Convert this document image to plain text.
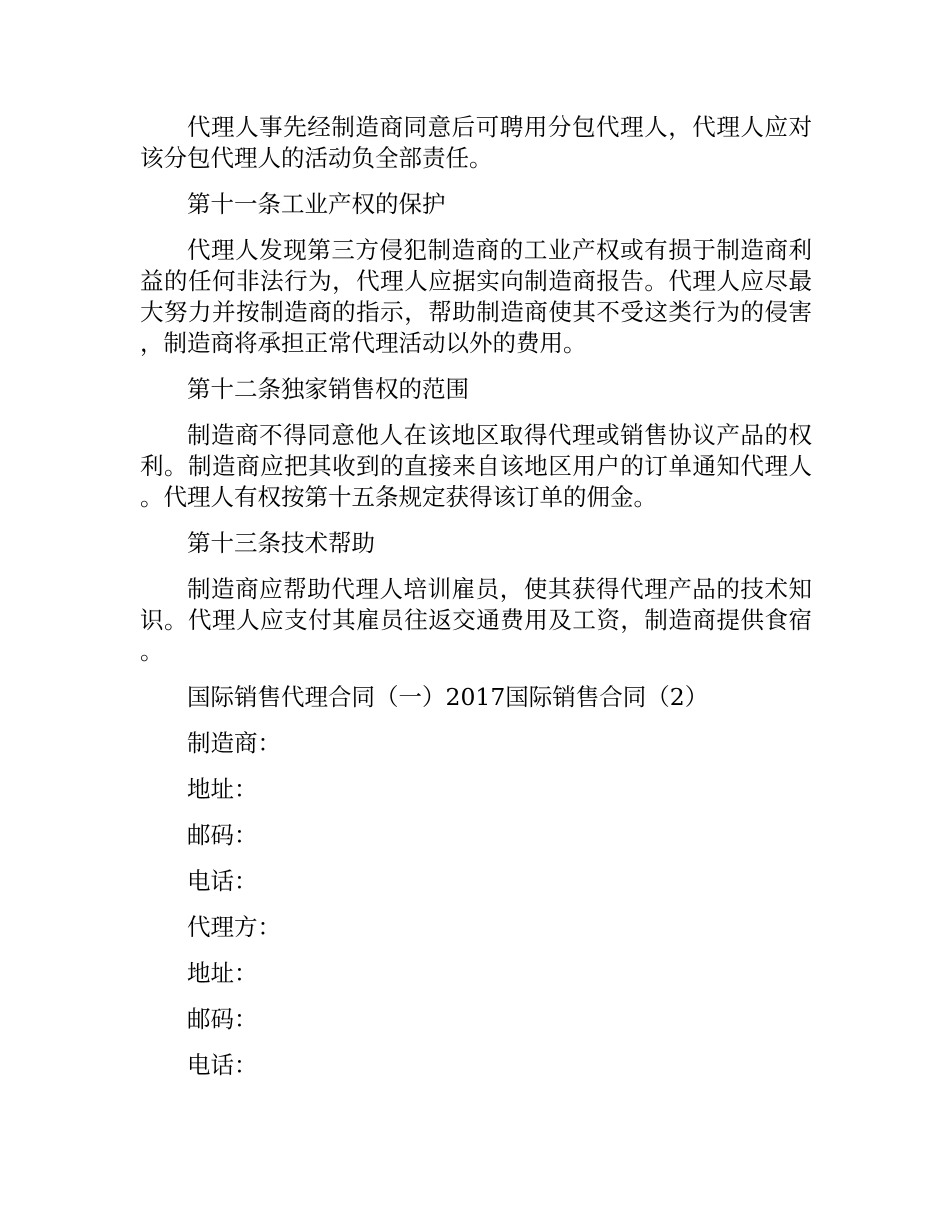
代理人事先经制造商同意后可聘用分包代理人，代理人应对该分包代理人的活动负全部责任。

第十一条工业产权的保护

代理人发现第三方侵犯制造商的工业产权或有损于制造商利益的任何非法行为，代理人应据实向制造商报告。代理人应尽最大努力并按制造商的指示，帮助制造商使其不受这类行为的侵害，制造商将承担正常代理活动以外的费用。

第十二条独家销售权的范围

制造商不得同意他人在该地区取得代理或销售协议产品的权利。制造商应把其收到的直接来自该地区用户的订单通知代理人。代理人有权按第十五条规定获得该订单的佣金。

第十三条技术帮助

制造商应帮助代理人培训雇员，使其获得代理产品的技术知识。代理人应支付其雇员往返交通费用及工资，制造商提供食宿。

国际销售代理合同（一）2017国际销售合同（2）

制造商：

地址：

邮码：

电话：

代理方：

地址：

邮码：

电话：
